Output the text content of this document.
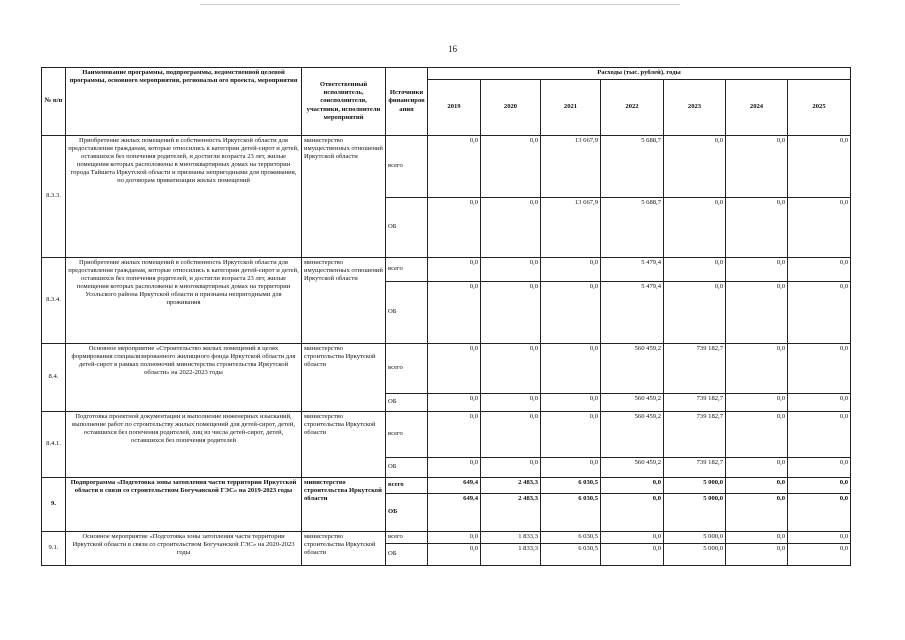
16
№ п/п	Наименование программы, подпрограммы, ведомственной целевой программы, основного мероприятия, региональн ого проекта, мероприятия	Ответственный исполнитель, соисполнители, участники, исполнители мероприятий	Источники финансиров ания	Расходы (тыс. рублей), годы						
				2019	2020	2021	2022	2023	2024	2025
8.3.3.	Приобретение жилых помещений в собственность Иркутской области для предоставления гражданам, которые относились к категории детей-сирот и детей, оставшихся без попечения родителей, и достигли возраста 23 лет, жилые помещения которых расположены в многоквартирных домах на территории города Тайшета Иркутской области и признаны непригодными для проживания, по договорам приватизации жилых помещений	министерство имущественных отношений Иркутской области	всего	0,0	0,0	13 667,9	5 688,7	0,0	0,0	0,0
			ОБ	0,0	0,0	13 667,9	5 688,7	0,0	0,0	0,0
8.3.4.	Приобретение жилых помещений в собственность Иркутской области для предоставления гражданам, которые относились к категории детей-сирот и детей, оставшихся без попечения родителей, и достигли возраста 23 лет, жилые помещения которых расположены в многоквартирных домах на территории Усольского района Иркутской области и признаны непригодными для проживания	министерство имущественных отношений Иркутской области	всего	0,0	0,0	0,0	5 479,4	0,0	0,0	0,0
			ОБ	0,0	0,0	0,0	5 479,4	0,0	0,0	0,0
8.4.	Основное мероприятие «Строительство жилых помещений в целях формирования специализированного жилищного фонда Иркутской области для детей-сирот в рамках полномочий министерства строительства Иркутской области» на 2022-2023 годы	министерство строительства Иркутской области	всего	0,0	0,0	0,0	560 459,2	739 182,7	0,0	0,0
			ОБ	0,0	0,0	0,0	560 459,2	739 182,7	0,0	0,0
8.4.1.	Подготовка проектной документации и выполнение инженерных изысканий, выполнение работ по строительству жилых помещений для детей-сирот, детей, оставшихся без попечения родителей, лиц из числа детей-сирот, детей, оставшихся без попечения родителей	министерство строительства Иркутской области	всего	0,0	0,0	0,0	560 459,2	739 182,7	0,0	0,0
			ОБ	0,0	0,0	0,0	560 459,2	739 182,7	0,0	0,0
9.	Подпрограмма «Подготовка зоны затопления части территории Иркутской области в связи со строительством Богучанской ГЭС» на 2019-2023 годы	министерство строительства Иркутской области	всего	649,4	2 483,3	6 030,5	0,0	5 000,0	0,0	0,0
			ОБ	649,4	2 483,3	6 030,5	0,0	5 000,0	0,0	0,0
9.1.	Основное мероприятие «Подготовка зоны затопления части территории Иркутской области в связи со строительством Богучанской ГЭС» на 2020-2023 годы	министерство строительства Иркутской области	всего	0,0	1 833,3	6 030,5	0,0	5 000,0	0,0	0,0
			ОБ	0,0	1 833,3	6 030,5	0,0	5 000,0	0,0	0,0
